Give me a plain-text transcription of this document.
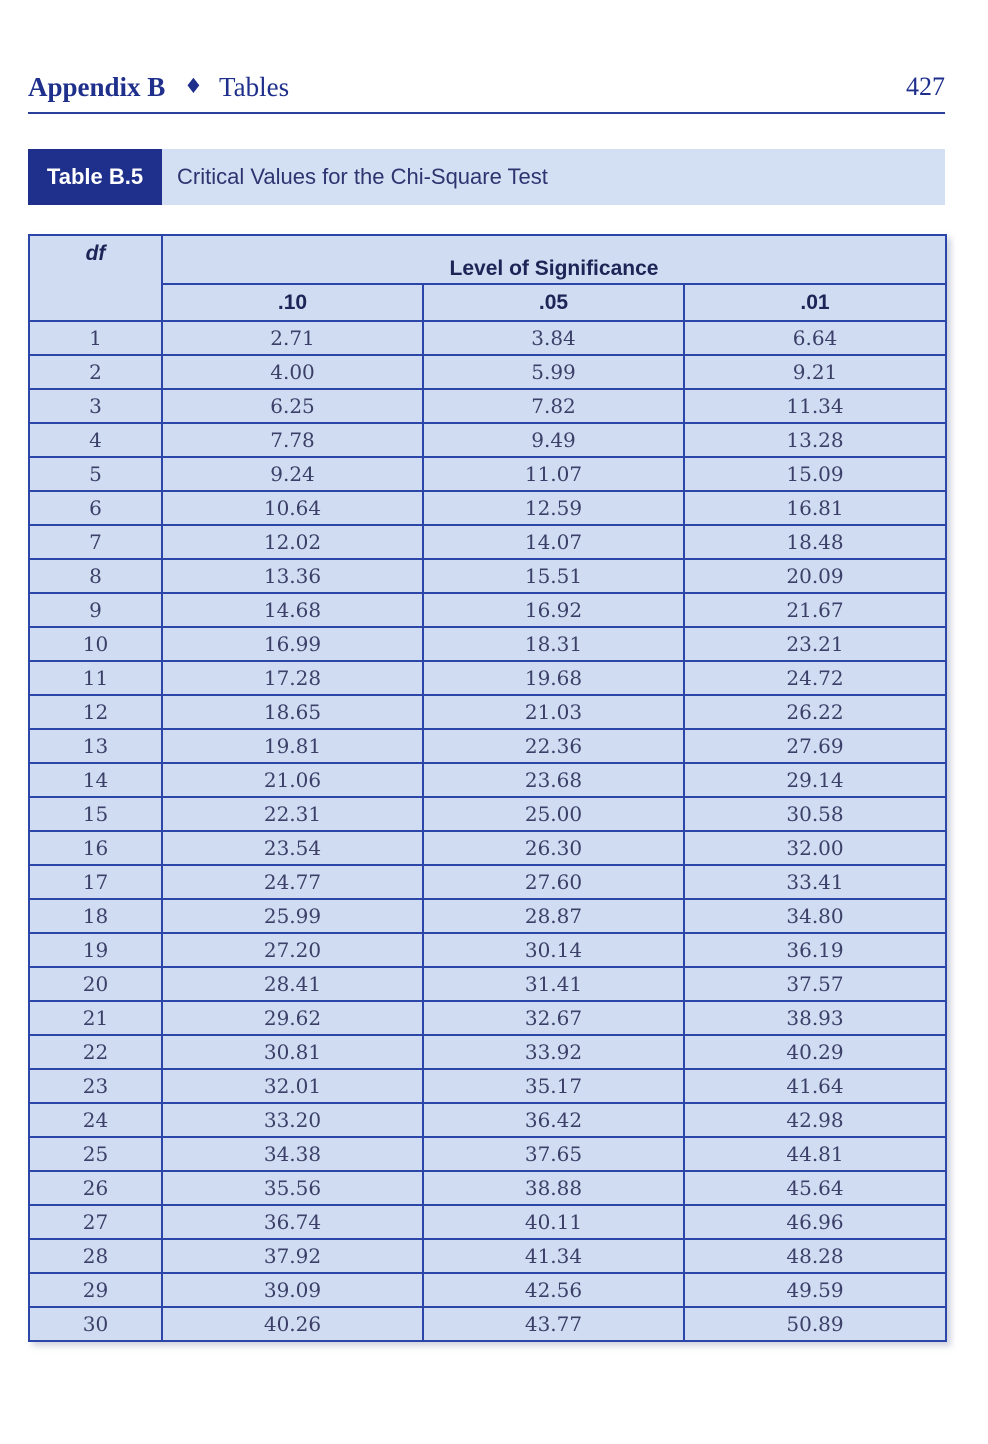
Appendix B ♦ Tables	427
Table B.5	Critical Values for the Chi-Square Test
df	Level of Significance		
	.10	.05	.01
1	2.71	3.84	6.64
2	4.00	5.99	9.21
3	6.25	7.82	11.34
4	7.78	9.49	13.28
5	9.24	11.07	15.09
6	10.64	12.59	16.81
7	12.02	14.07	18.48
8	13.36	15.51	20.09
9	14.68	16.92	21.67
10	16.99	18.31	23.21
11	17.28	19.68	24.72
12	18.65	21.03	26.22
13	19.81	22.36	27.69
14	21.06	23.68	29.14
15	22.31	25.00	30.58
16	23.54	26.30	32.00
17	24.77	27.60	33.41
18	25.99	28.87	34.80
19	27.20	30.14	36.19
20	28.41	31.41	37.57
21	29.62	32.67	38.93
22	30.81	33.92	40.29
23	32.01	35.17	41.64
24	33.20	36.42	42.98
25	34.38	37.65	44.81
26	35.56	38.88	45.64
27	36.74	40.11	46.96
28	37.92	41.34	48.28
29	39.09	42.56	49.59
30	40.26	43.77	50.89
